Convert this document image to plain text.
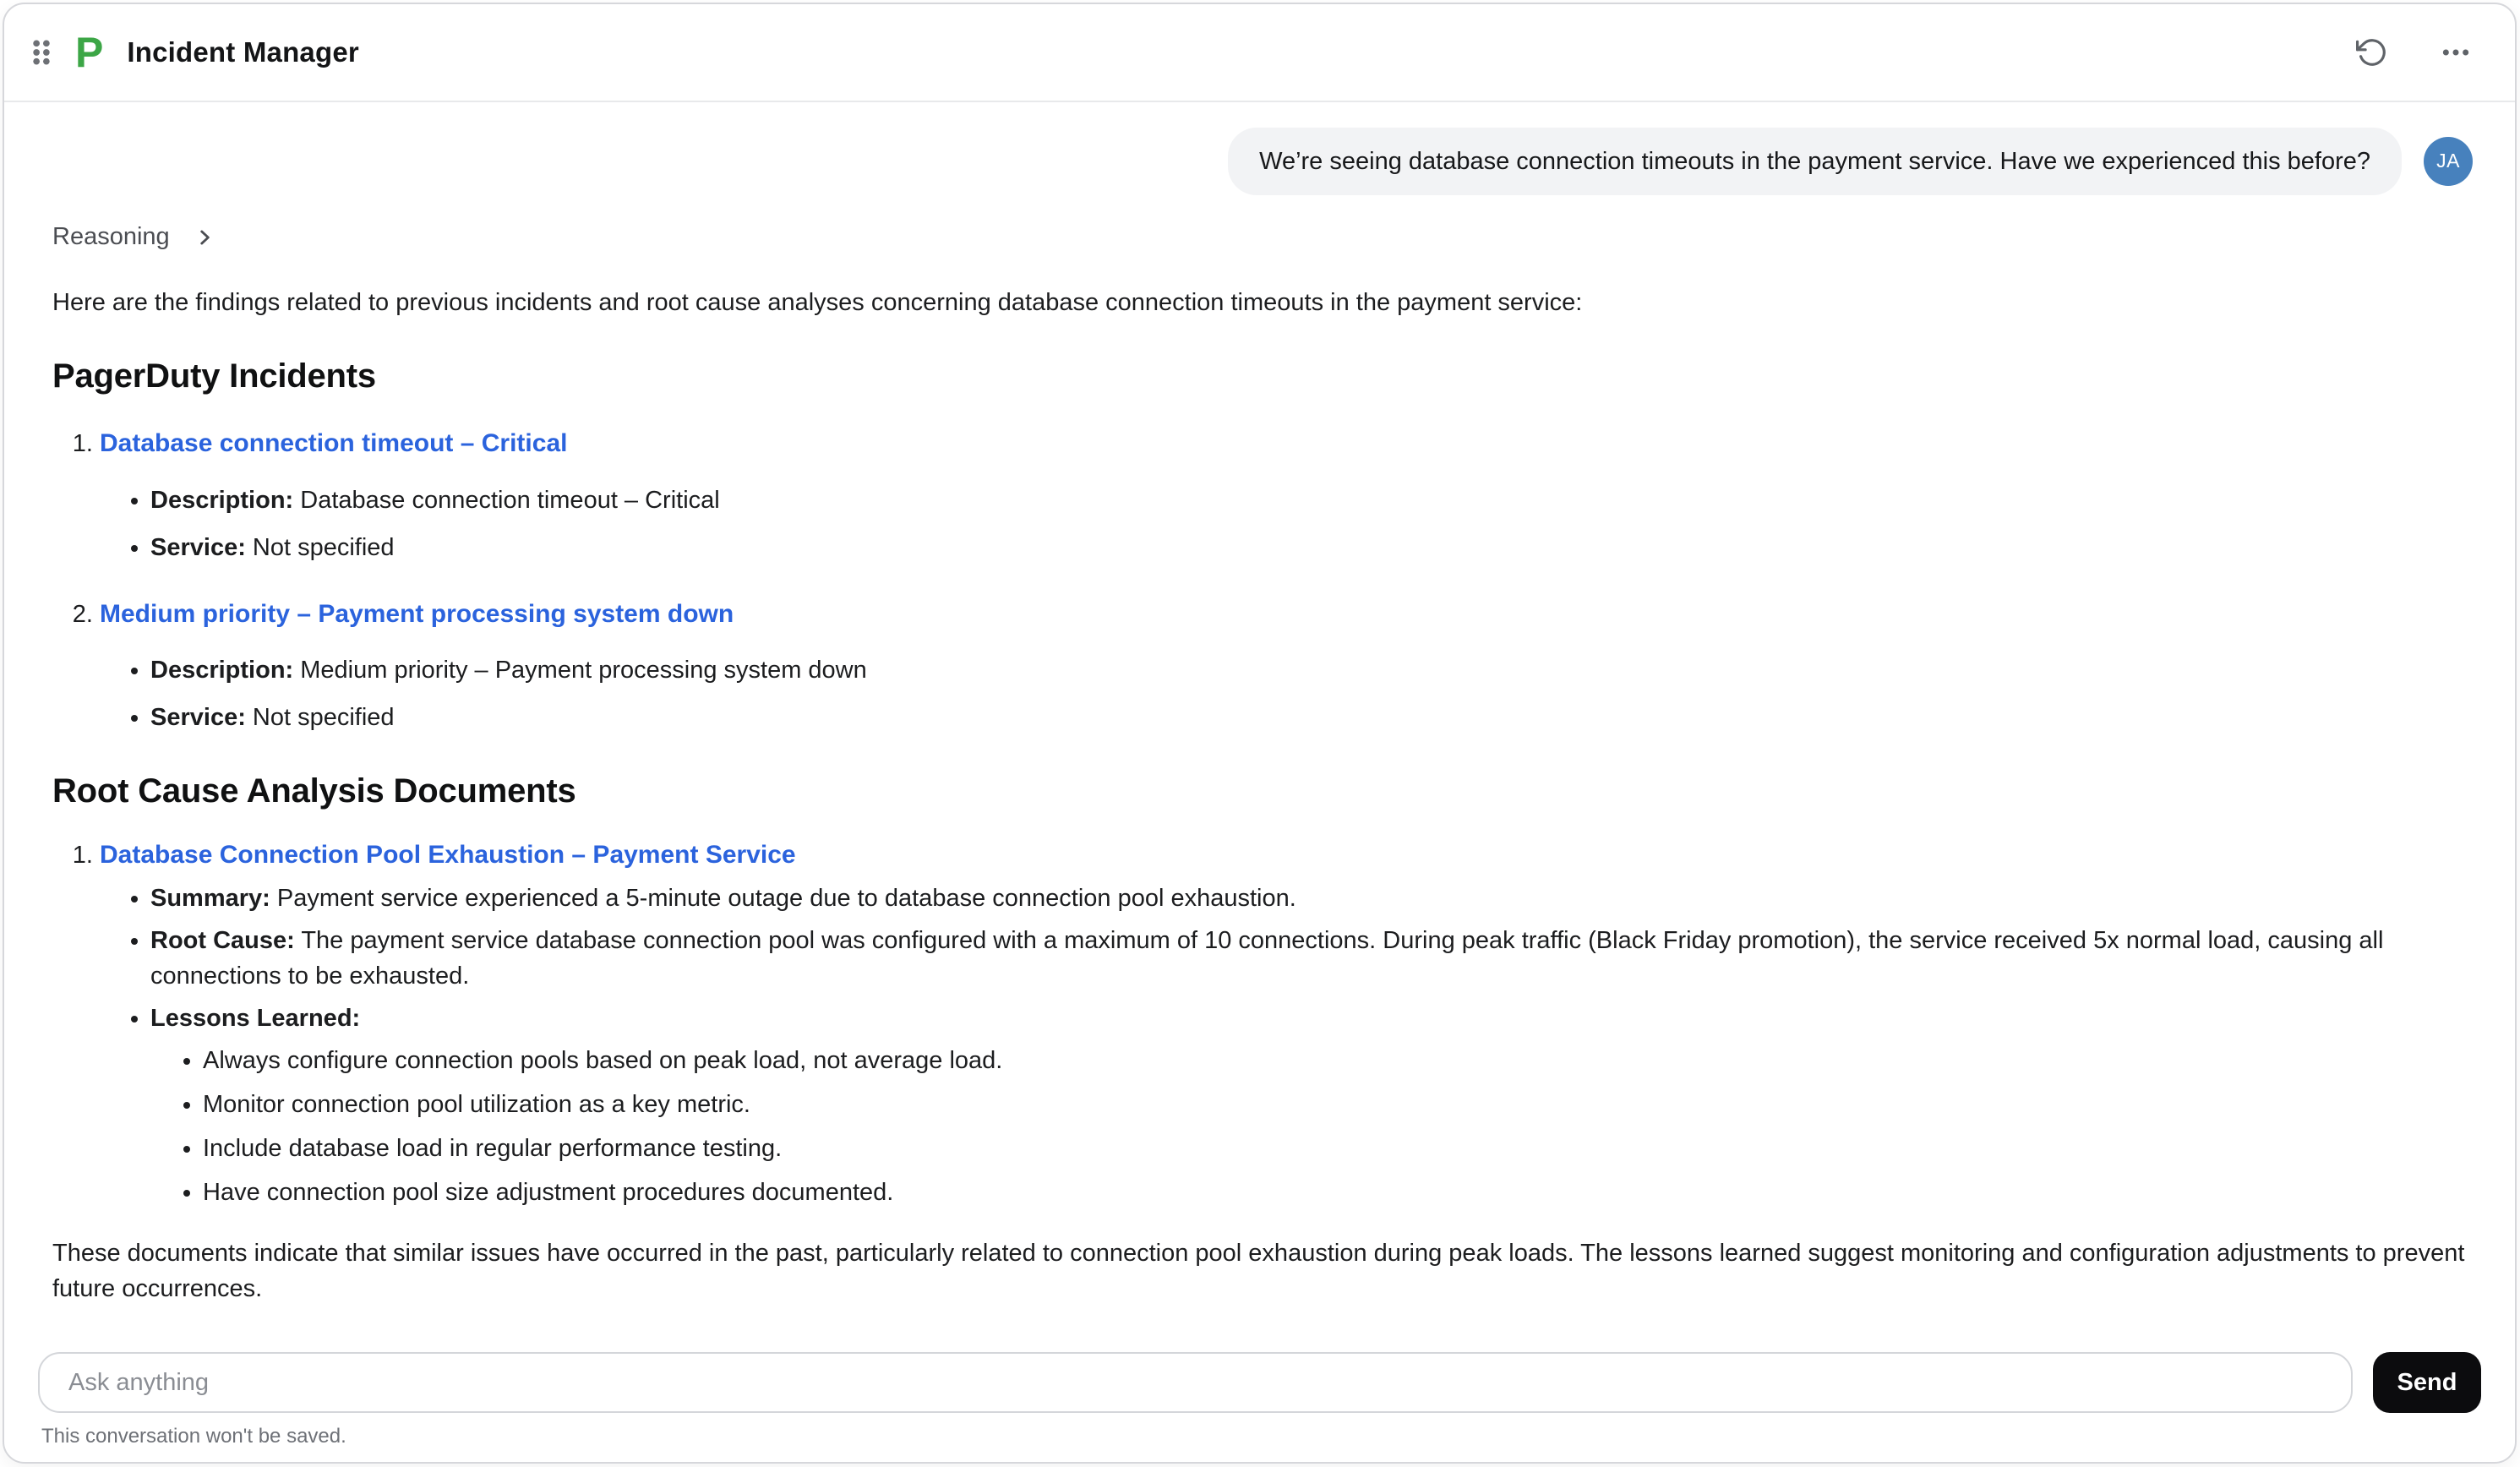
P Incident Manager
We’re seeing database connection timeouts in the payment service. Have we experienced this before?	JA
Reasoning

Here are the findings related to previous incidents and root cause analyses concerning database connection timeouts in the payment service:

PagerDuty Incidents
1. Database connection timeout – Critical
• Description: Database connection timeout – Critical
• Service: Not specified
2. Medium priority – Payment processing system down
• Description: Medium priority – Payment processing system down
• Service: Not specified
Root Cause Analysis Documents
1. Database Connection Pool Exhaustion – Payment Service
• Summary: Payment service experienced a 5-minute outage due to database connection pool exhaustion.
• Root Cause: The payment service database connection pool was configured with a maximum of 10 connections. During peak traffic (Black Friday promotion), the service received 5x normal load, causing all connections to be exhausted.
• Lessons Learned:
• Always configure connection pools based on peak load, not average load.
• Monitor connection pool utilization as a key metric.
• Include database load in regular performance testing.
• Have connection pool size adjustment procedures documented.

These documents indicate that similar issues have occurred in the past, particularly related to connection pool exhaustion during peak loads. The lessons learned suggest monitoring and configuration adjustments to prevent future occurrences.

Ask anything
Send

This conversation won't be saved.
